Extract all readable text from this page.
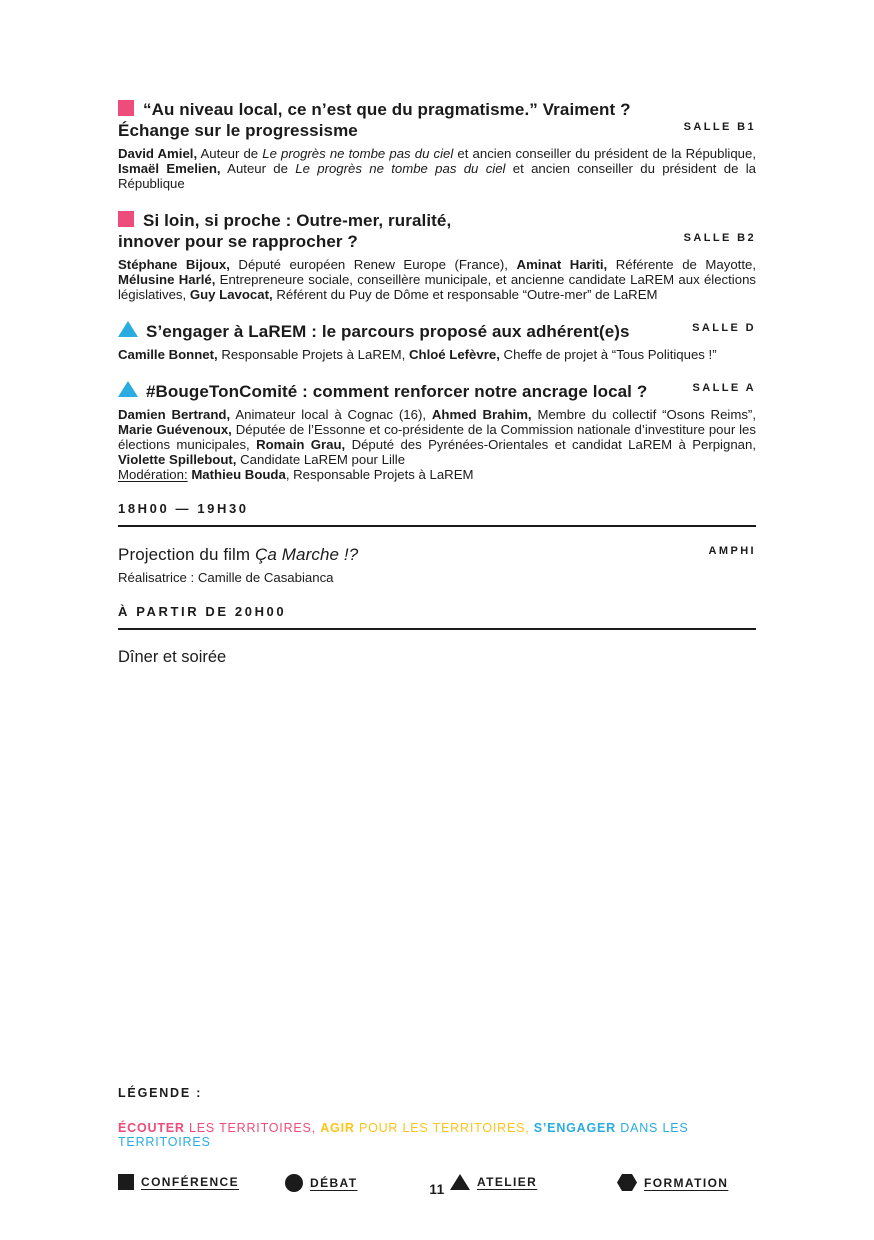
“Au niveau local, ce n’est que du pragmatisme.” Vraiment ?
Échange sur le progressisme	SALLE B1

David Amiel, Auteur de Le progrès ne tombe pas du ciel et ancien conseiller du président de la République, Ismaël Emelien, Auteur de Le progrès ne tombe pas du ciel et ancien conseiller du président de la République

Si loin, si proche : Outre-mer, ruralité,
innover pour se rapprocher ?	SALLE B2

Stéphane Bijoux, Député européen Renew Europe (France), Aminat Hariti, Référente de Mayotte, Mélusine Harlé, Entrepreneure sociale, conseillère municipale, et ancienne candidate LaREM aux élections législatives, Guy Lavocat, Référent du Puy de Dôme et responsable “Outre-mer” de LaREM

S’engager à LaREM : le parcours proposé aux adhérent(e)s	SALLE D

Camille Bonnet, Responsable Projets à LaREM, Chloé Lefèvre, Cheffe de projet à “Tous Politiques !”

#BougeTonComité : comment renforcer notre ancrage local ?	SALLE A

Damien Bertrand, Animateur local à Cognac (16), Ahmed Brahim, Membre du collectif “Osons Reims”, Marie Guévenoux, Députée de l’Essonne et co-présidente de la Commission nationale d’investiture pour les élections municipales, Romain Grau, Député des Pyrénées-Orientales et candidat LaREM à Perpignan, Violette Spillebout, Candidate LaREM pour Lille

Modération: Mathieu Bouda, Responsable Projets à LaREM

18H00 — 19H30
Projection du film Ça Marche !?	AMPHI

Réalisatrice : Camille de Casabianca

À PARTIR DE 20H00
Dîner et soirée
LÉGENDE :
ÉCOUTER LES TERRITOIRES, AGIR POUR LES TERRITOIRES, S’ENGAGER DANS LES TERRITOIRES
CONFÉRENCE	DÉBAT	ATELIER	FORMATION
11
